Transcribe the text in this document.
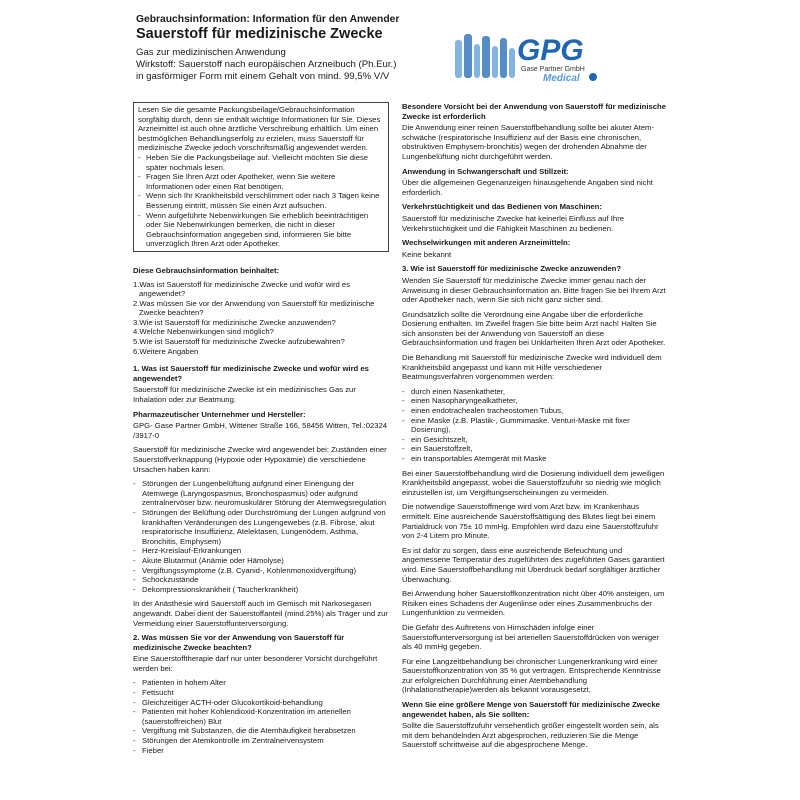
Gebrauchsinformation: Information für den Anwender
Sauerstoff für medizinische Zwecke
Gas zur medizinischen Anwendung
Wirkstoff: Sauerstoff nach europäischen Arzneibuch (Ph.Eur.)
in gasförmiger Form mit einem Gehalt von mind. 99,5% V/V
GPG
Gase Partner GmbH
Medical

Lesen Sie die gesamte Packungsbeilage/Gebrauchsinformation sorgfältig durch, denn sie enthält wichtige Informationen für Sie. Dieses Arzneimittel ist auch ohne ärztliche Verschreibung erhältlich. Um einen bestmöglichen Behandlungserfolg zu erzielen, muss Sauerstoff für medizinische Zwecke jedoch vorschriftsmäßig angewendet werden.

- Heben Sie die Packungsbeilage auf. Vielleicht möchten Sie diese später nochmals lesen.
- Fragen Sie Ihren Arzt oder Apotheker, wenn Sie weitere Informationen oder einen Rat benötigen.
- Wenn sich Ihr Krankheitsbild verschlimmert oder nach 3 Tagen keine Besserung eintritt, müssen Sie einen Arzt aufsuchen.
- Wenn aufgeführte Nebenwirkungen Sie erheblich beeinträchtigen oder Sie Nebenwirkungen bemerken, die nicht in dieser Gebrauchsinformation angegeben sind, informieren Sie bitte unverzüglich Ihren Arzt oder Apotheker.
Diese Gebrauchsinformation beinhaltet:
1.Was ist Sauerstoff für medizinische Zwecke und wofür wird es angewendet?
2.Was müssen Sie vor der Anwendung von Sauerstoff für medizinische Zwecke beachten?
3.Wie ist Sauerstoff für medizinische Zwecke anzuwenden?
4.Welche Nebenwirkungen sind möglich?
5.Wie ist Sauerstoff für medizinische Zwecke aufzubewahren?
6.Weitere Angaben
1. Was ist Sauerstoff für medizinische Zwecke und wofür wird es angewendet?

Sauerstoff für medizinische Zwecke ist ein medizinisches Gas zur Inhalation oder zur Beatmung.

Pharmazeutischer Unternehmer und Hersteller:

GPG- Gase Partner GmbH, Wittener Straße 166, 58456 Witten, Tel.:02324 /3917-0

Sauerstoff für medizinische Zwecke wird angewendet bei: Zuständen einer Sauerstoffverknappung (Hypoxie oder Hypoxämie) die verschiedene Ursachen haben kann:

- Störungen der Lungenbelüftung aufgrund einer Einengung der Atemwege (Laryngospasmus, Bronchospasmus) oder aufgrund zentralnervöser bzw. neuromuskulärer Störung der Atemwegsregulation
- Störungen der Belüftung oder Durchströmung der Lungen aufgrund von krankhaften Veränderungen des Lungengewebes (z.B. Fibrose, akut respiratorische Insuffizienz, Atelektasen, Lungenödem, Asthma, Bronchitis, Emphysem)
- Herz-Kreislauf-Erkrankungen
- Akute Blutarmut (Anämie oder Hämolyse)
- Vergiftungssymptome (z.B. Cyanid-, Kohlenmonoxidvergiftung)
- Schockzustände
- Dekompressionskrankheit ( Taucherkrankheit)

In der Anästhesie wird Sauerstoff auch im Gemisch mit Narkosegasen angewandt. Dabei dient der Sauerstoffanteil (mind.25%) als Träger und zur Vermeidung einer Sauerstoffunterversorgung.

2. Was müssen Sie vor der Anwendung von Sauerstoff für medizinische Zwecke beachten?

Eine Sauerstofftherapie darf nur unter besonderer Vorsicht durchgeführt werden bei:

- Patienten in hohem Alter
- Fettsucht
- Gleichzeitiger ACTH-oder Glucokortikoid-behandlung
- Patienten mit hoher Kohlendioxid-Konzentration im arteriellen (sauerstoffreichen) Blut
- Vergiftung mit Substanzen, die die Atemhäufigkeit herabsetzen
- Störungen der Atemkontrolle im Zentralnervensystem
- Fieber
Besondere Vorsicht bei der Anwendung von Sauerstoff für medizinische Zwecke ist erforderlich

Die Anwendung einer reinen Sauerstoffbehandlung sollte bei akuter Atem-schwäche (respiratorische Insuffizienz auf der Basis eine chronischen, obstruktiven Emphysem-bronchitis) wegen der drohenden Abnahme der Lungenbelüftung nicht durchgeführt werden.

Anwendung in Schwangerschaft und Stillzeit:

Über die allgemeinen Gegenanzeigen hinausgehende Angaben sind nicht erforderlich.

Verkehrstüchtigkeit und das Bedienen von Maschinen:

Sauerstoff für medizinische Zwecke hat keinerlei Einfluss auf Ihre Verkehrstüchtigkeit und die Fähigkeit Maschinen zu bedienen.

Wechselwirkungen mit anderen Arzneimitteln:

Keine bekannt

3. Wie ist Sauerstoff für medizinische Zwecke anzuwenden?

Wenden Sie Sauerstoff für medizinische Zwecke immer genau nach der Anweisung in dieser Gebrauchsinformation an. Bitte fragen Sie bei Ihrem Arzt oder Apotheker nach, wenn Sie sich nicht ganz sicher sind.

Grundsätzlich sollte die Verordnung eine Angabe über die erforderliche Dosierung enthalten. Im Zweifel fragen Sie bitte beim Arzt nach! Halten Sie sich ansonsten bei der Anwendung von Sauerstoff an diese Gebrauchsinformation und fragen bei Unklarheiten Ihren Arzt oder Apotheker.

Die Behandlung mit Sauerstoff für medizinische Zwecke wird individuell dem Krankheitsbild angepasst und kann mit Hilfe verschiedener Beatmungsverfahren vorgenommen werden:

- durch einen Nasenkatheter,
- einen Nasopharyngealkatheter,
- einen endotrachealen tracheostomen Tubus,
- eine Maske (z.B. Plastik-, Gummimaske. Venturi-Maske mit fixer Dosierung),
- ein Gesichtszelt,
- ein Sauerstoffzelt,
- ein transportables Atemgerät mit Maske

Bei einer Sauerstoffbehandlung wird die Dosierung individuell dem jeweiligen Krankheitsbild angepasst, wobei die Sauerstoffzufuhr so niedrig wie möglich einzustellen ist, um Vergiftungserscheinungen zu vermeiden.

Die notwendige Sauerstoffmenge wird vom Arzt bzw. im Krankenhaus ermittelt. Eine ausreichende Sauerstoffsättigung des Blutes liegt bei einem Partialdruck von 75± 10 mmHg. Empfohlen wird dazu eine Sauerstoffzufuhr von 2-4 Litern pro Minute.

Es ist dafür zu sorgen, dass eine ausreichende Befeuchtung und angemessene Temperatur des zugeführten des zugeführten Gases garantiert wird. Eine Sauerstoffbehandlung mit Überdruck bedarf sorgfältiger ärztlicher Überwachung.

Bei Anwendung hoher Sauerstoffkonzentration nicht über 40% ansteigen, um Risiken eines Schadens der Augenlinse oder eines Zusammenbruchs der Lungenfunktion zu vermeiden.

Die Gefahr des Auftretens von Hirnschäden infolge einer Sauerstoffunterversorgung ist bei arteriellen Sauerstoffdrücken von weniger als 40 mmHg gegeben.

Für eine Langzeitbehandlung bei chronischer Lungenerkrankung wird einer Sauerstoffkonzentration von 35 % gut vertragen. Entsprechende Kenntnisse zur erfolgreichen Durchführung einer Atembehandlung (Inhalationstherapie)werden als bekannt vorausgesetzt.

Wenn Sie eine größere Menge von Sauerstoff für medizinische Zwecke angewendet haben, als Sie sollten:

Sollte die Sauerstoffzufuhr versehentlich größer eingestellt worden sein, als mit dem behandelnden Arzt abgesprochen, reduzieren Sie die Menge Sauerstoff schrittweise auf die abgesprochene Menge.
